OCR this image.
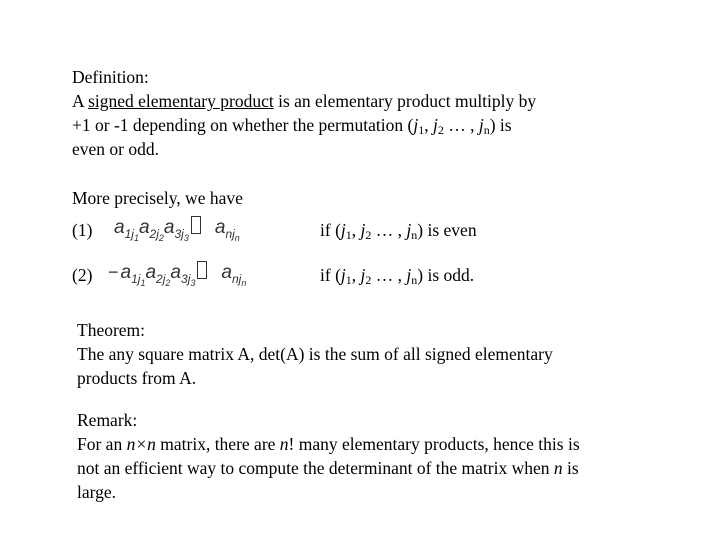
Definition:
A signed elementary product is an elementary product multiply by
+1 or -1 depending on whether the permutation ($j_1$, $j_2$ … , $j_n$) is
even or odd.
More precisely, we have
(1) $a_{1j_1}a_{2j_2}a_{3j_3}$ $a_{nj_n}$	if ($j_1$, $j_2$ … , $j_n$) is even
$(2) - a_{1j_1}a_{2j_2}a_{3j_3}$ $a_{nj_n}$	if ($j_1$, $j_2$ … , $j_n$) is odd.
Theorem:
The any square matrix A, det(A) is the sum of all signed elementary
products from A.
Remark:
For an n×n matrix, there are n! many elementary products, hence this is
not an efficient way to compute the determinant of the matrix when n is
large.
